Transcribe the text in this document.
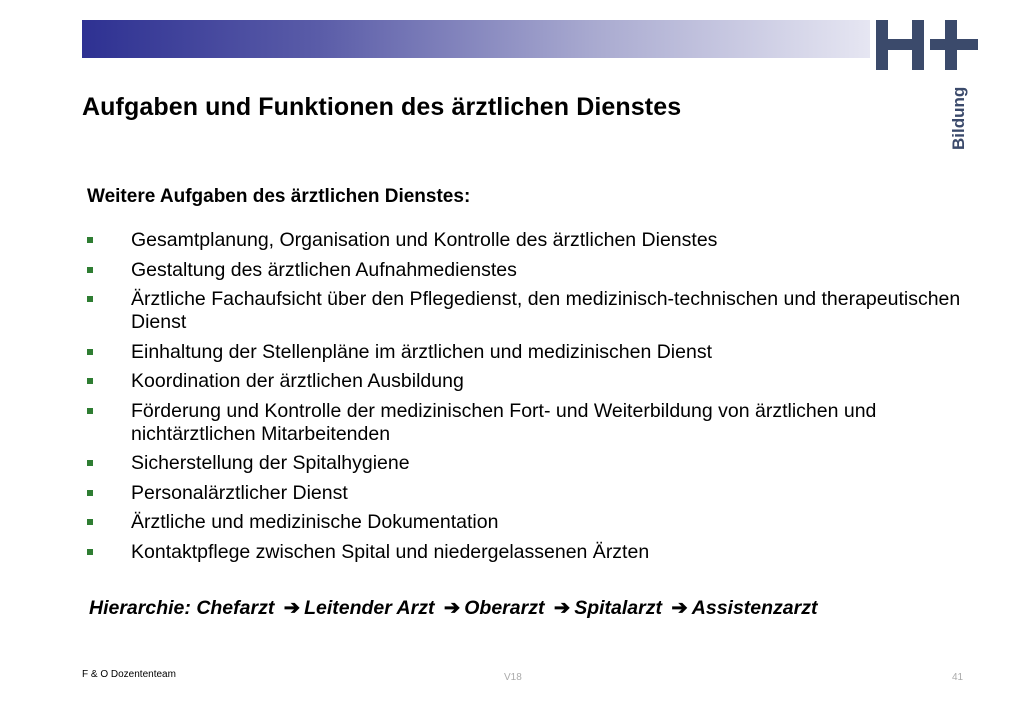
Bildung
Aufgaben und Funktionen des ärztlichen Dienstes
Weitere Aufgaben des ärztlichen Dienstes:
Gesamtplanung, Organisation und Kontrolle des ärztlichen Dienstes
Gestaltung des ärztlichen Aufnahmedienstes
Ärztliche Fachaufsicht über den Pflegedienst, den medizinisch-technischen und therapeutischen Dienst
Einhaltung der Stellenpläne im ärztlichen und medizinischen Dienst
Koordination der ärztlichen Ausbildung
Förderung und Kontrolle der medizinischen Fort- und Weiterbildung von ärztlichen und nichtärztlichen Mitarbeitenden
Sicherstellung der Spitalhygiene
Personalärztlicher Dienst
Ärztliche und medizinische Dokumentation
Kontaktpflege zwischen Spital und niedergelassenen Ärzten

Hierarchie: Chefarzt ➔ Leitender Arzt ➔ Oberarzt ➔ Spitalarzt ➔ Assistenzarzt

F & O Dozententeam	V18	41
